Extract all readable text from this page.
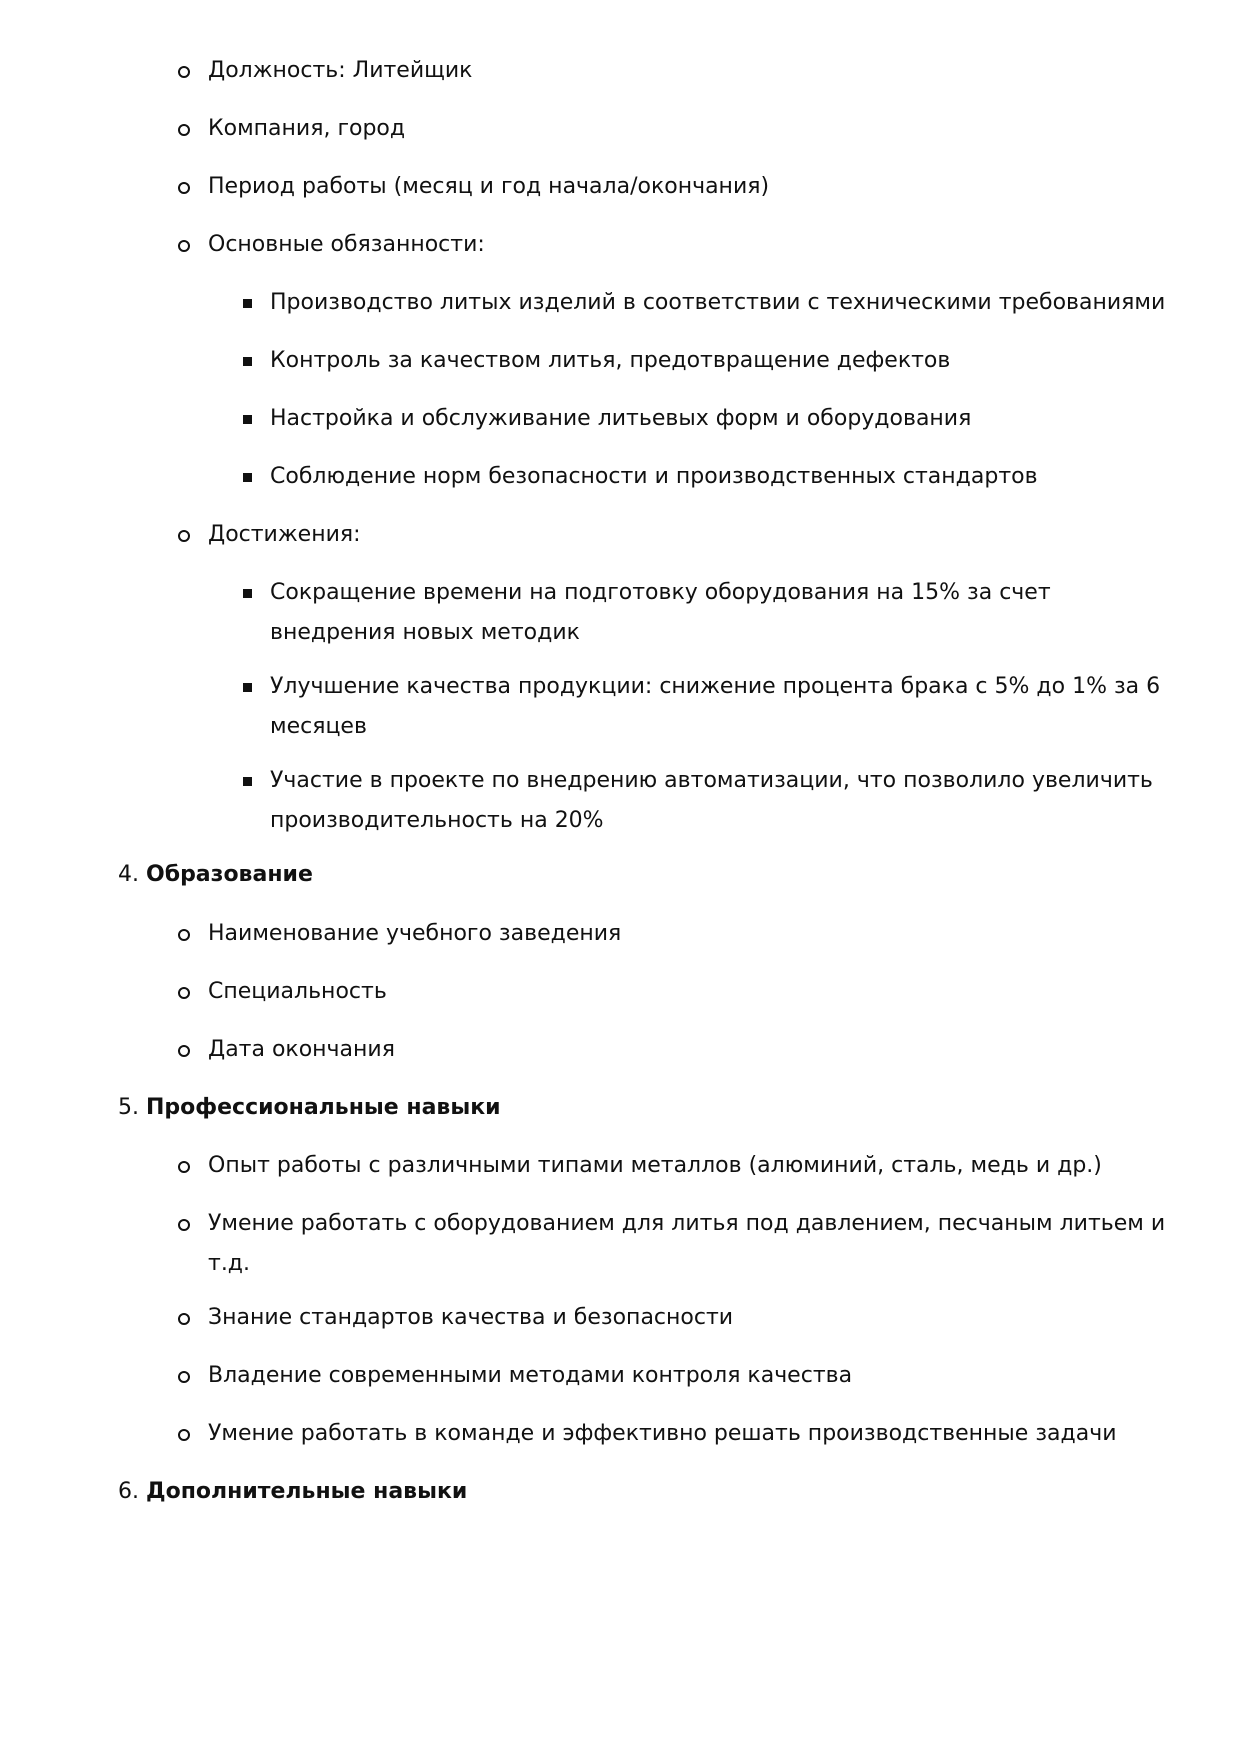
Должность: Литейщик
Компания, город
Период работы (месяц и год начала/окончания)
Основные обязанности:
Производство литых изделий в соответствии с техническими требованиями
Контроль за качеством литья, предотвращение дефектов
Настройка и обслуживание литьевых форм и оборудования
Соблюдение норм безопасности и производственных стандартов
Достижения:
Сокращение времени на подготовку оборудования на 15% за счет внедрения новых методик
Улучшение качества продукции: снижение процента брака с 5% до 1% за 6 месяцев
Участие в проекте по внедрению автоматизации, что позволило увеличить производительность на 20%
4. Образование
Наименование учебного заведения
Специальность
Дата окончания
5. Профессиональные навыки
Опыт работы с различными типами металлов (алюминий, сталь, медь и др.)
Умение работать с оборудованием для литья под давлением, песчаным литьем и т.д.
Знание стандартов качества и безопасности
Владение современными методами контроля качества
Умение работать в команде и эффективно решать производственные задачи
6. Дополнительные навыки
